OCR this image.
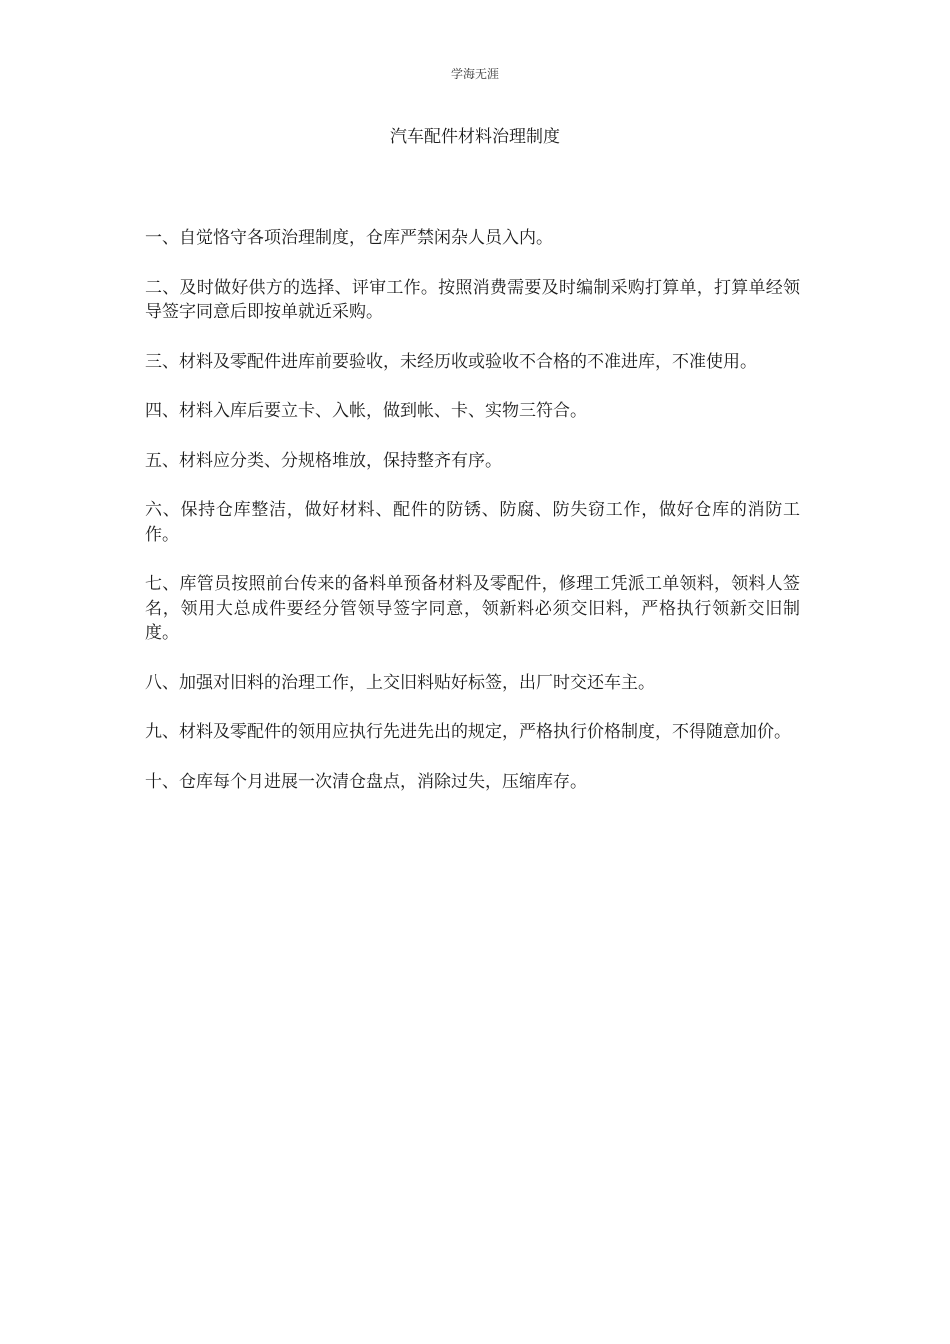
学海无涯
汽车配件材料治理制度
一、自觉恪守各项治理制度，仓库严禁闲杂人员入内。
二、及时做好供方的选择、评审工作。按照消费需要及时编制采购打算单，打算单经领导签字同意后即按单就近采购。
三、材料及零配件进库前要验收，未经历收或验收不合格的不准进库，不准使用。
四、材料入库后要立卡、入帐，做到帐、卡、实物三符合。
五、材料应分类、分规格堆放，保持整齐有序。
六、保持仓库整洁，做好材料、配件的防锈、防腐、防失窃工作，做好仓库的消防工作。
七、库管员按照前台传来的备料单预备材料及零配件，修理工凭派工单领料，领料人签名，领用大总成件要经分管领导签字同意，领新料必须交旧料，严格执行领新交旧制度。
八、加强对旧料的治理工作，上交旧料贴好标签，出厂时交还车主。
九、材料及零配件的领用应执行先进先出的规定，严格执行价格制度，不得随意加价。
十、仓库每个月进展一次清仓盘点，消除过失，压缩库存。
